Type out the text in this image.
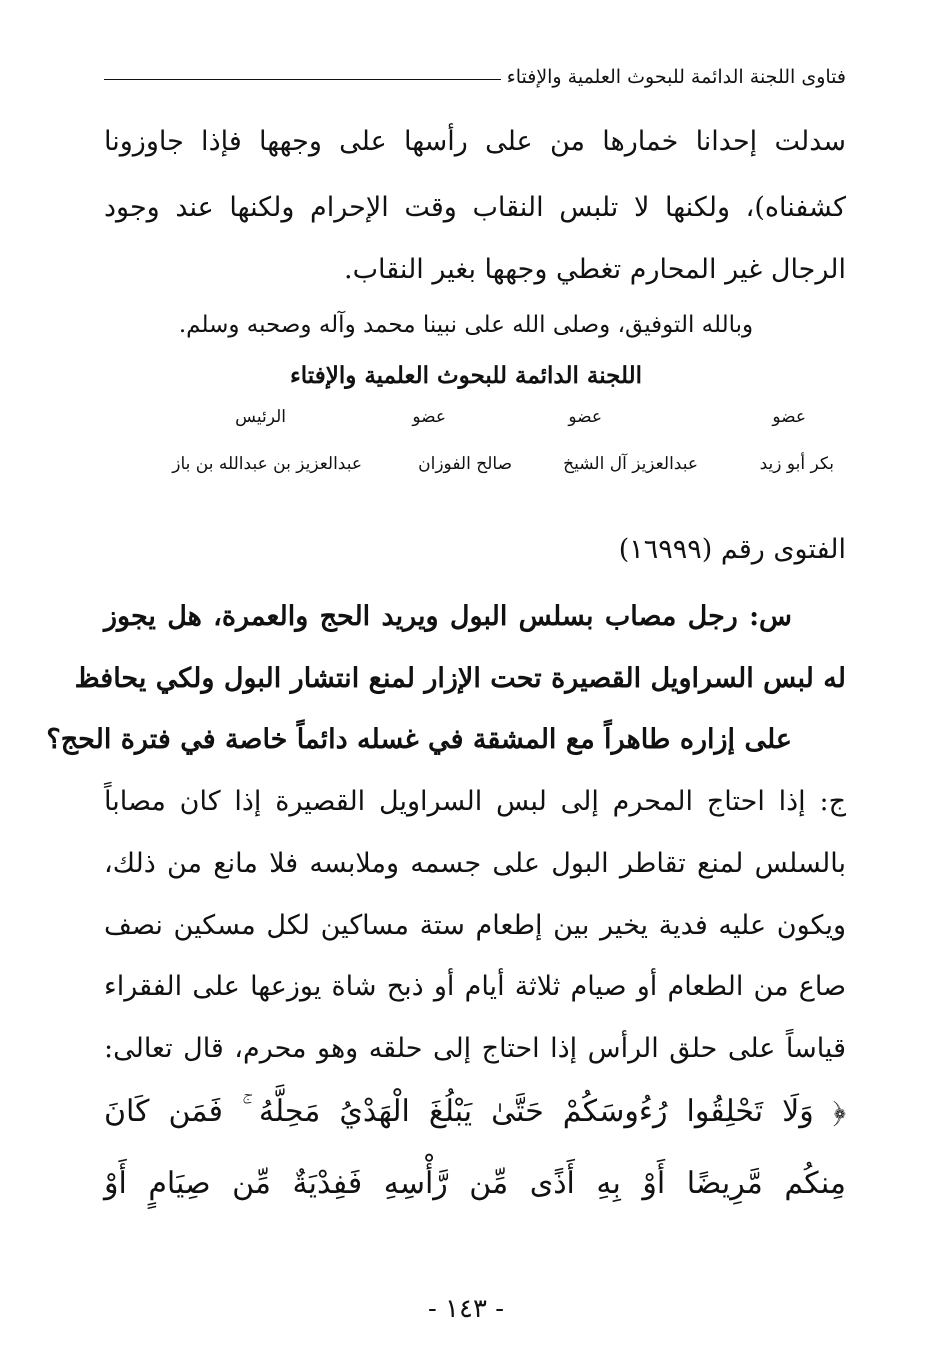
فتاوى اللجنة الدائمة للبحوث العلمية والإفتاء
سدلت إحدانا خمارها من على رأسها على وجهها فإذا جاوزونا
كشفناه)، ولكنها لا تلبس النقاب وقت الإحرام ولكنها عند وجود
الرجال غير المحارم تغطي وجهها بغير النقاب.
وبالله التوفيق، وصلى الله على نبينا محمد وآله وصحبه وسلم.
اللجنة الدائمة للبحوث العلمية والإفتاء
عضو
عضو
عضو
الرئيس
بكر أبو زيد
عبدالعزيز آل الشيخ
صالح الفوزان
عبدالعزيز بن عبدالله بن باز
الفتوى رقم (١٦٩٩٩)
س: رجل مصاب بسلس البول ويريد الحج والعمرة، هل يجوز
له لبس السراويل القصيرة تحت الإزار لمنع انتشار البول ولكي يحافظ
على إزاره طاهراً مع المشقة في غسله دائماً خاصة في فترة الحج؟
ج: إذا احتاج المحرم إلى لبس السراويل القصيرة إذا كان مصاباً
بالسلس لمنع تقاطر البول على جسمه وملابسه فلا مانع من ذلك،
ويكون عليه فدية يخير بين إطعام ستة مساكين لكل مسكين نصف
صاع من الطعام أو صيام ثلاثة أيام أو ذبح شاة يوزعها على الفقراء
قياساً على حلق الرأس إذا احتاج إلى حلقه وهو محرم، قال تعالى:
﴿ وَلَا تَحْلِقُوا رُءُوسَكُمْ حَتَّىٰ يَبْلُغَ الْهَدْيُ مَحِلَّهُ ۚ فَمَن كَانَ
مِنكُم مَّرِيضًا أَوْ بِهِ أَذًى مِّن رَّأْسِهِ فَفِدْيَةٌ مِّن صِيَامٍ أَوْ
- ١٤٣ -
